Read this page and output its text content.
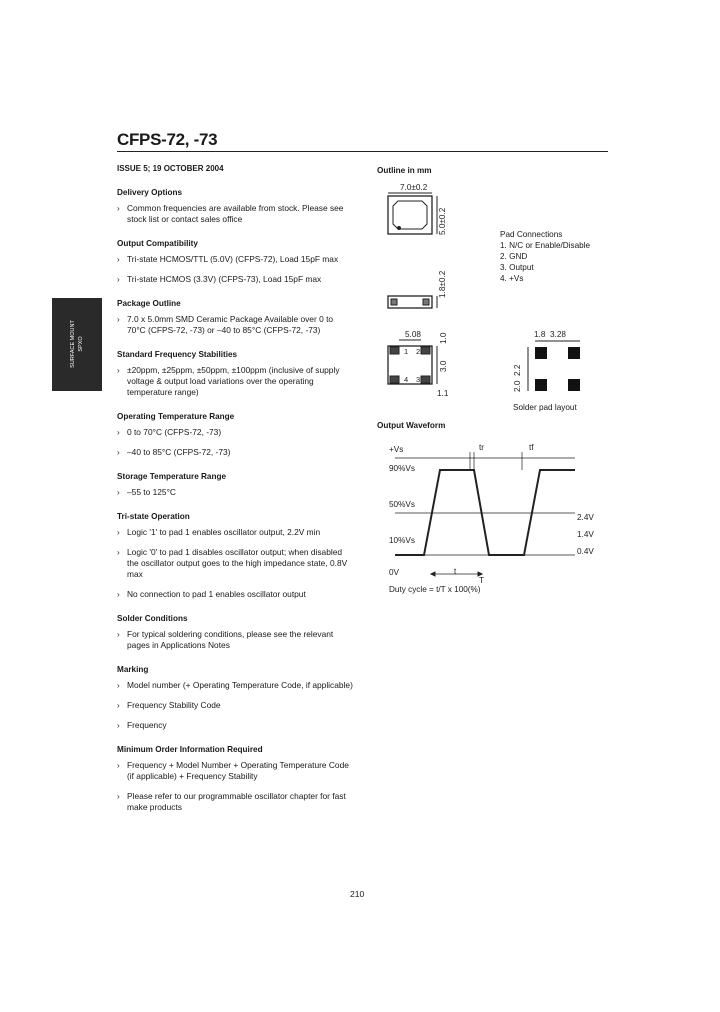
CFPS-72, -73
SURFACE MOUNT SPXO
ISSUE 5; 19 OCTOBER 2004
Delivery Options
› Common frequencies are available from stock. Please see stock list or contact sales office
Output Compatibility
› Tri-state HCMOS/TTL (5.0V) (CFPS-72), Load 15pF max
› Tri-state HCMOS (3.3V) (CFPS-73), Load 15pF max
Package Outline
› 7.0 x 5.0mm SMD Ceramic Package Available over 0 to 70°C (CFPS-72, -73) or –40 to 85°C (CFPS-72, -73)
Standard Frequency Stabilities
› ±20ppm, ±25ppm, ±50ppm, ±100ppm (inclusive of supply voltage & output load variations over the operating temperature range)
Operating Temperature Range
› 0 to 70°C (CFPS-72, -73)
› –40 to 85°C (CFPS-72, -73)
Storage Temperature Range
› –55 to 125°C
Tri-state Operation
› Logic '1' to pad 1 enables oscillator output, 2.2V min
› Logic '0' to pad 1 disables oscillator output; when disabled the oscillator output goes to the high impedance state, 0.8V max
› No connection to pad 1 enables oscillator output
Solder Conditions
› For typical soldering conditions, please see the relevant pages in Applications Notes
Marking
› Model number (+ Operating Temperature Code, if applicable)
› Frequency Stability Code
› Frequency
Minimum Order Information Required
› Frequency + Model Number + Operating Temperature Code (if applicable) + Frequency Stability
› Please refer to our programmable oscillator chapter for fast make products
Outline in mm
Output Waveform
Pad Connections
1. N/C or Enable/Disable
2. GND
3. Output
4. +Vs
Solder pad layout
7.0±0.2
5.0±0.2
1.8±0.2
5.08 1.0
3.0
1.1
1 2
3
4
1.8 3.28
2.2
2.0
+Vs
90%Vs
50%Vs
10%Vs
0V
2.4V
1.4V
0.4V
tr	tf
t
T
Duty cycle = t/T x 100(%)
210
